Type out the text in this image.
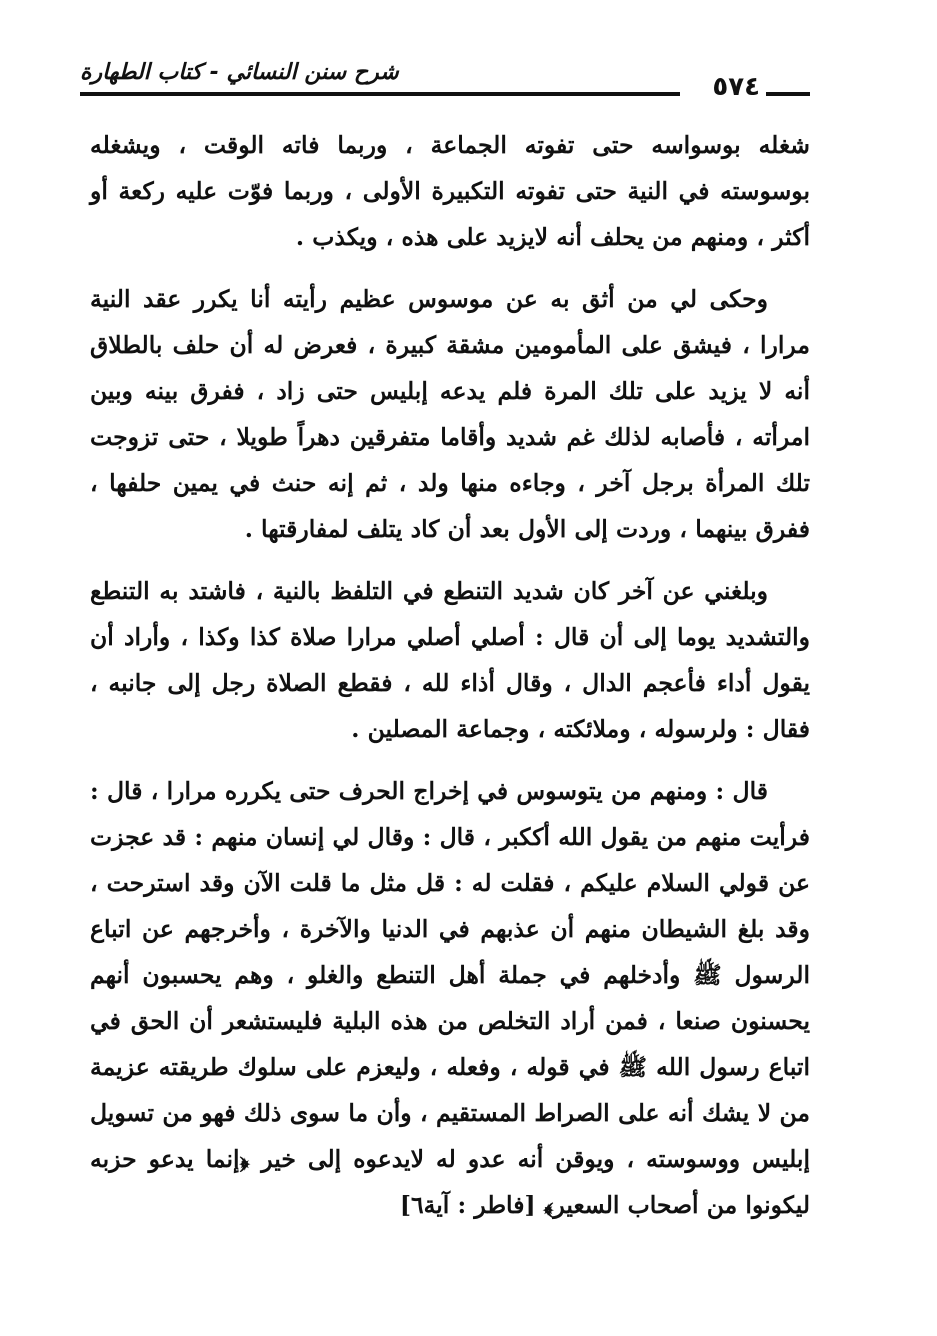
٥٧٤
شرح سنن النسائي - كتاب الطهارة

شغله بوسواسه حتى تفوته الجماعة ، وربما فاته الوقت ، ويشغله بوسوسته في النية حتى تفوته التكبيرة الأولى ، وربما فوّت عليه ركعة أو أكثر ، ومنهم من يحلف أنه لايزيد على هذه ، ويكذب .

وحكى لي من أثق به عن موسوس عظيم رأيته أنا يكرر عقد النية مرارا ، فيشق على المأمومين مشقة كبيرة ، فعرض له أن حلف بالطلاق أنه لا يزيد على تلك المرة فلم يدعه إبليس حتى زاد ، ففرق بينه وبين امرأته ، فأصابه لذلك غم شديد وأقاما متفرقين دهراً طويلا ، حتى تزوجت تلك المرأة برجل آخر ، وجاءه منها ولد ، ثم إنه حنث في يمين حلفها ، ففرق بينهما ، وردت إلى الأول بعد أن كاد يتلف لمفارقتها .

وبلغني عن آخر كان شديد التنطع في التلفظ بالنية ، فاشتد به التنطع والتشديد يوما إلى أن قال : أصلي أصلي مرارا صلاة كذا وكذا ، وأراد أن يقول أداء فأعجم الدال ، وقال أذاء لله ، فقطع الصلاة رجل إلى جانبه ، فقال : ولرسوله ، وملائكته ، وجماعة المصلين .

قال : ومنهم من يتوسوس في إخراج الحرف حتى يكرره مرارا ، قال : فرأيت منهم من يقول الله أككبر ، قال : وقال لي إنسان منهم : قد عجزت عن قولي السلام عليكم ، فقلت له : قل مثل ما قلت الآن وقد استرحت ، وقد بلغ الشيطان منهم أن عذبهم في الدنيا والآخرة ، وأخرجهم عن اتباع الرسول ﷺ وأدخلهم في جملة أهل التنطع والغلو ، وهم يحسبون أنهم يحسنون صنعا ، فمن أراد التخلص من هذه البلية فليستشعر أن الحق في اتباع رسول الله ﷺ في قوله ، وفعله ، وليعزم على سلوك طريقته عزيمة من لا يشك أنه على الصراط المستقيم ، وأن ما سوى ذلك فهو من تسويل إبليس ووسوسته ، ويوقن أنه عدو له لايدعوه إلى خير ﴿إنما يدعو حزبه ليكونوا من أصحاب السعير﴾ [فاطر : آية٦]
